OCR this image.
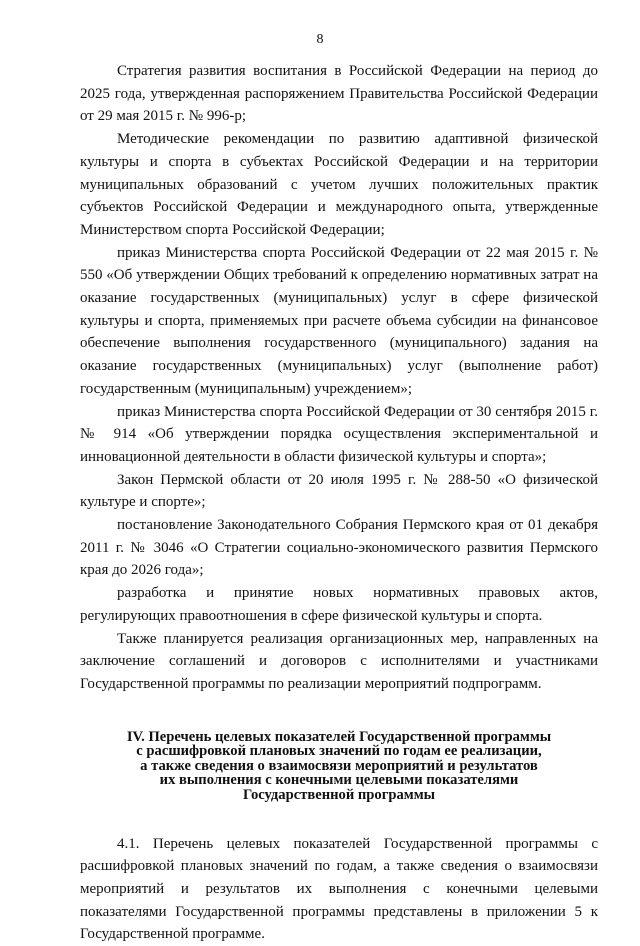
8

Стратегия развития воспитания в Российской Федерации на период до 2025 года, утвержденная распоряжением Правительства Российской Федерации от 29 мая 2015 г. № 996-р;

Методические рекомендации по развитию адаптивной физической культуры и спорта в субъектах Российской Федерации и на территории муниципальных образований с учетом лучших положительных практик субъектов Российской Федерации и международного опыта, утвержденные Министерством спорта Российской Федерации;

приказ Министерства спорта Российской Федерации от 22 мая 2015 г. № 550 «Об утверждении Общих требований к определению нормативных затрат на оказание государственных (муниципальных) услуг в сфере физической культуры и спорта, применяемых при расчете объема субсидии на финансовое обеспечение выполнения государственного (муниципального) задания на оказание государственных (муниципальных) услуг (выполнение работ) государственным (муниципальным) учреждением»;

приказ Министерства спорта Российской Федерации от 30 сентября 2015 г. № 914 «Об утверждении порядка осуществления экспериментальной и инновационной деятельности в области физической культуры и спорта»;

Закон Пермской области от 20 июля 1995 г. № 288-50 «О физической культуре и спорте»;

постановление Законодательного Собрания Пермского края от 01 декабря 2011 г. № 3046 «О Стратегии социально-экономического развития Пермского края до 2026 года»;

разработка и принятие новых нормативных правовых актов, регулирующих правоотношения в сфере физической культуры и спорта.

Также планируется реализация организационных мер, направленных на заключение соглашений и договоров с исполнителями и участниками Государственной программы по реализации мероприятий подпрограмм.

IV. Перечень целевых показателей Государственной программы
с расшифровкой плановых значений по годам ее реализации,
а также сведения о взаимосвязи мероприятий и результатов
их выполнения с конечными целевыми показателями
Государственной программы

4.1. Перечень целевых показателей Государственной программы с расшифровкой плановых значений по годам, а также сведения о взаимосвязи мероприятий и результатов их выполнения с конечными целевыми показателями Государственной программы представлены в приложении 5 к Государственной программе.
